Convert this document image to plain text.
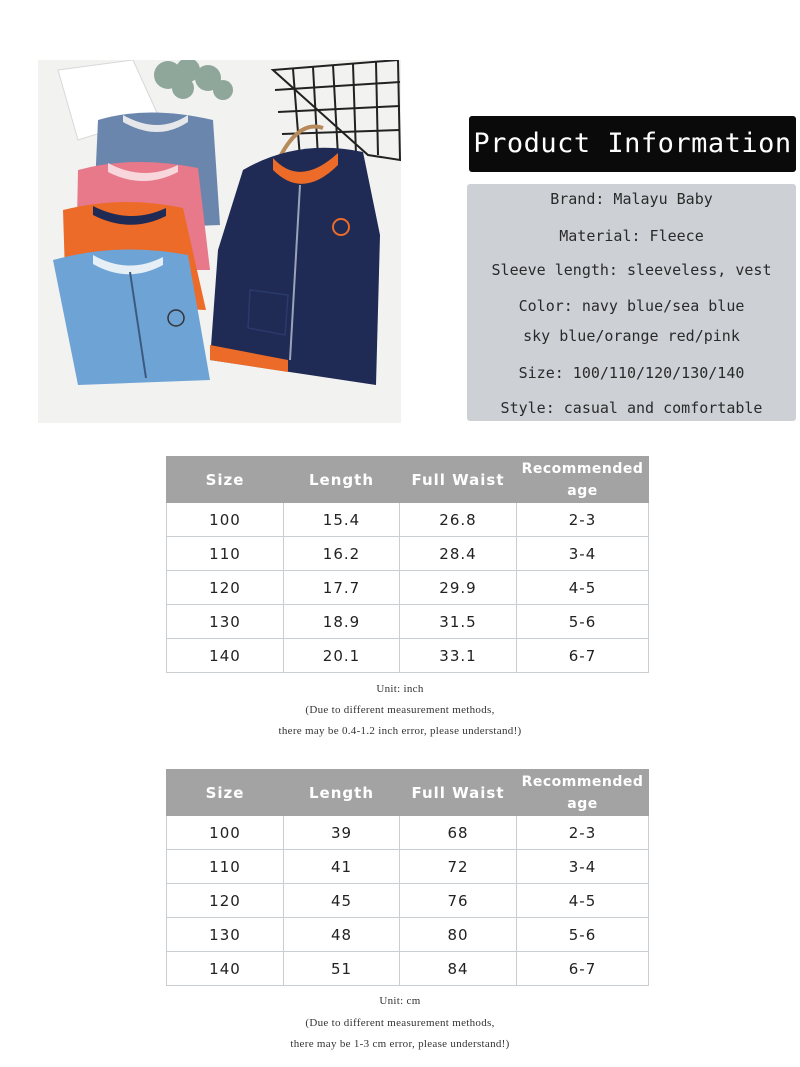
Product Information
Brand: Malayu Baby
Material: Fleece
Sleeve length: sleeveless, vest
Color: navy blue/sea blue
sky blue/orange red/pink
Size: 100/110/120/130/140
Style: casual and comfortable
Size	Length	Full Waist	Recommended age
100	15.4	26.8	2-3
110	16.2	28.4	3-4
120	17.7	29.9	4-5
130	18.9	31.5	5-6
140	20.1	33.1	6-7
Unit: inch
(Due to different measurement methods,
there may be 0.4-1.2 inch error, please understand!)
Size	Length	Full Waist	Recommended age
100	39	68	2-3
110	41	72	3-4
120	45	76	4-5
130	48	80	5-6
140	51	84	6-7
Unit: cm
(Due to different measurement methods,
there may be 1-3 cm error, please understand!)
